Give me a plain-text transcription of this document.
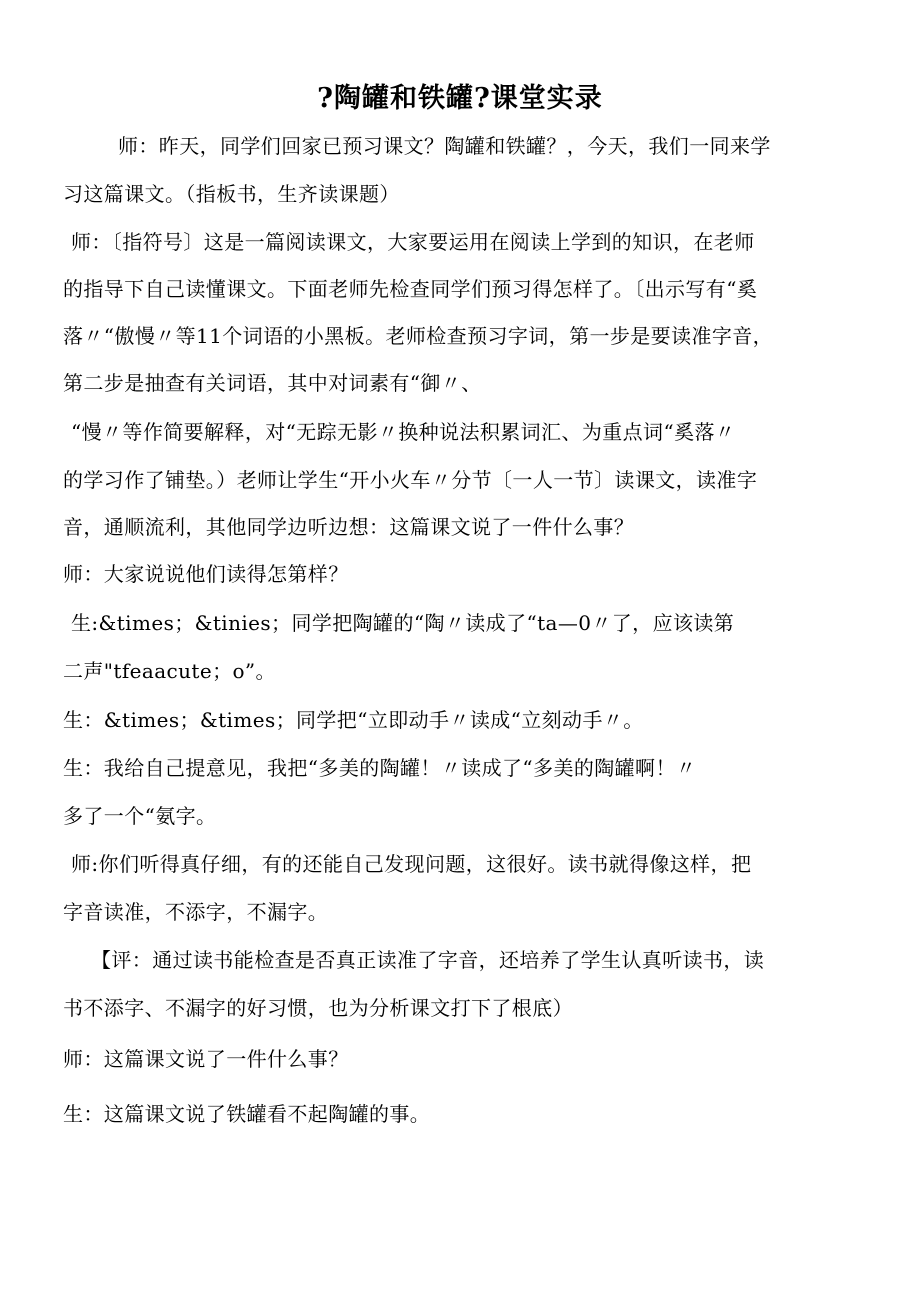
?陶罐和铁罐?课堂实录
师：昨天，同学们回家已预习课文？陶罐和铁罐？，今天，我们一同来学
习这篇课文。（指板书，生齐读课题）
师：〔指符号〕这是一篇阅读课文，大家要运用在阅读上学到的知识，在老师
的指导下自己读懂课文。下面老师先检查同学们预习得怎样了。〔出示写有“奚
落〃“傲慢〃等11个词语的小黑板。老师检查预习字词，第一步是要读准字音，
第二步是抽查有关词语，其中对词素有“御〃、
“慢〃等作简要解释，对“无踪无影〃换种说法积累词汇、为重点词“奚落〃
的学习作了铺垫。）老师让学生“开小火车〃分节〔一人一节〕读课文，读准字
音，通顺流利，其他同学边听边想：这篇课文说了一件什么事？
师：大家说说他们读得怎第样？
生:&times；&tinies；同学把陶罐的“陶〃读成了“ta—0〃了，应该读第
二声"tfeaacute；o”。
生：&times；&times；同学把“立即动手〃读成“立刻动手〃。
生：我给自己提意见，我把“多美的陶罐！〃读成了“多美的陶罐啊！〃
多了一个“氨字。
师:你们听得真仔细，有的还能自己发现问题，这很好。读书就得像这样，把
字音读准，不添字，不漏字。
【评：通过读书能检查是否真正读准了字音，还培养了学生认真听读书，读
书不添字、不漏字的好习惯，也为分析课文打下了根底）
师：这篇课文说了一件什么事？
生：这篇课文说了铁罐看不起陶罐的事。
